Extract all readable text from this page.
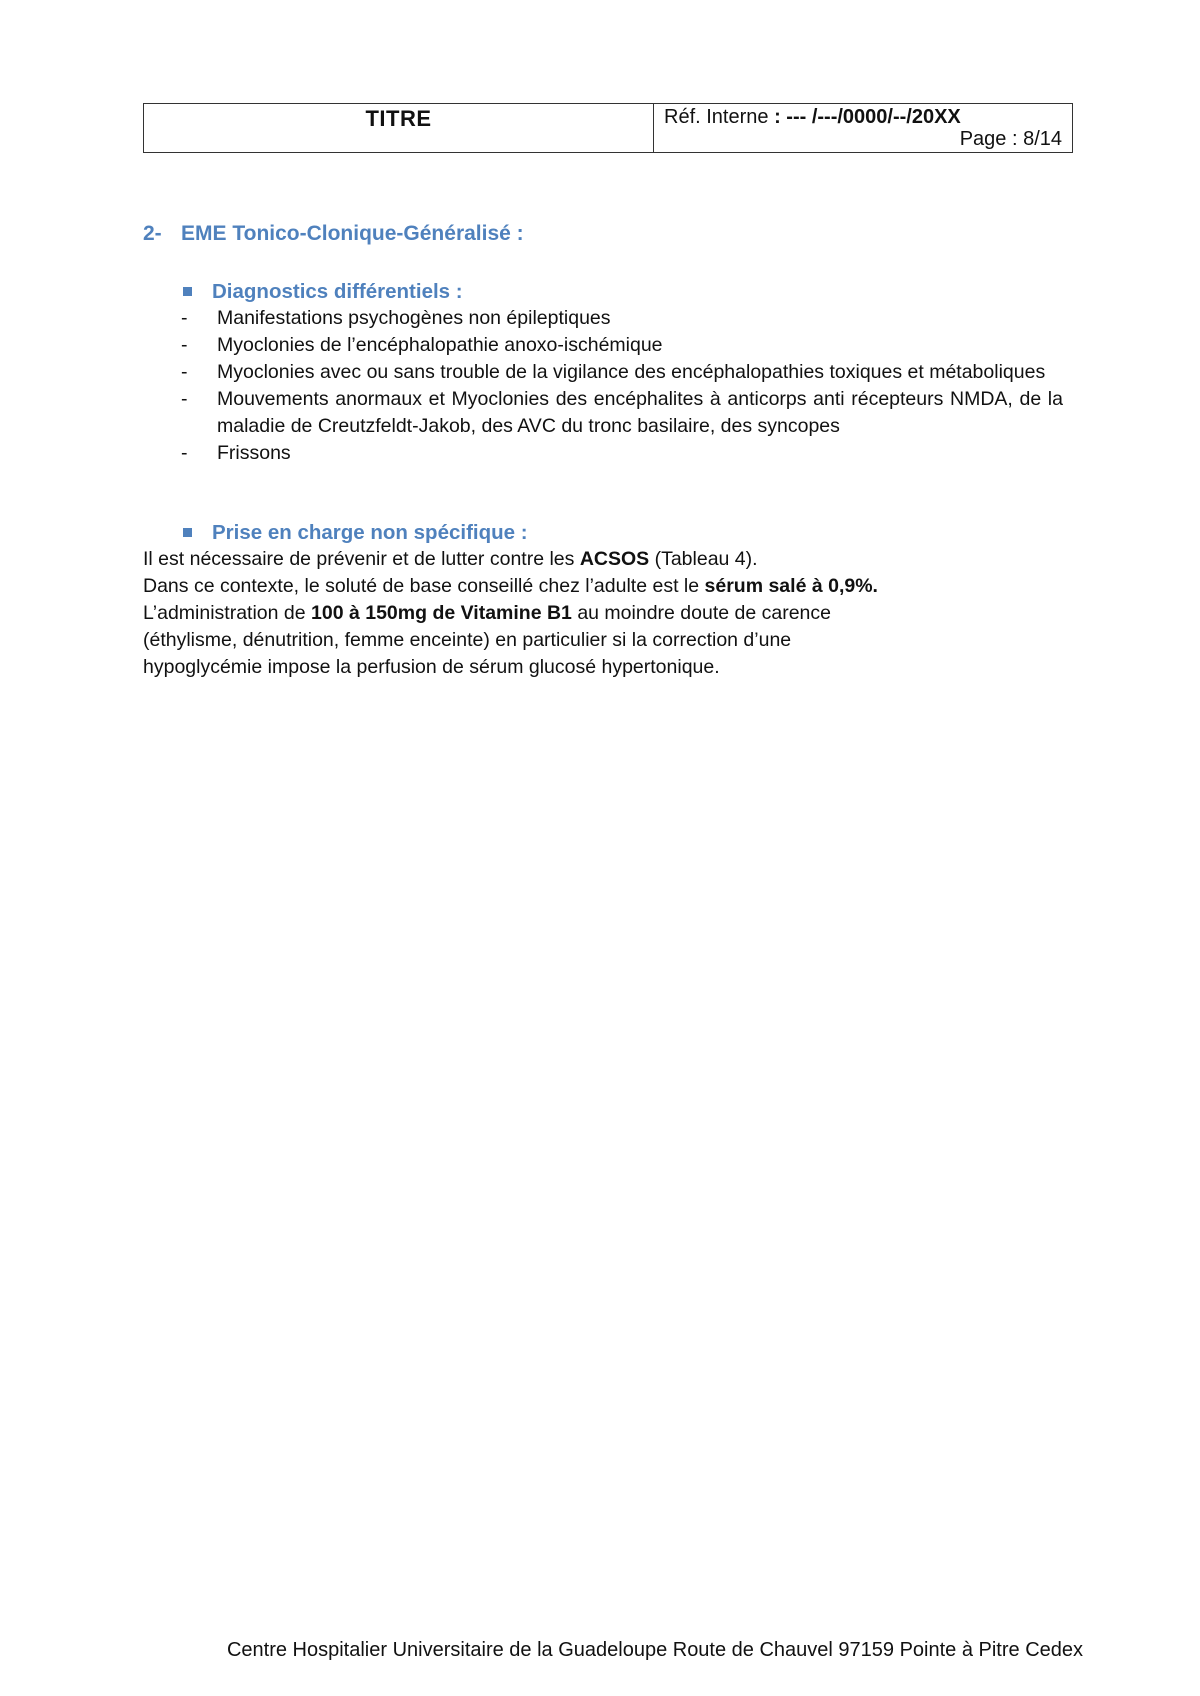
TITRE	Réf. Interne : --- /---/0000/--/20XX
Page : 8/14
2- EME Tonico-Clonique-Généralisé :
Diagnostics différentiels :
- Manifestations psychogènes non épileptiques
- Myoclonies de l’encéphalopathie anoxo-ischémique
- Myoclonies avec ou sans trouble de la vigilance des encéphalopathies toxiques et métaboliques
- Mouvements anormaux et Myoclonies des encéphalites à anticorps anti récepteurs NMDA, de la maladie de Creutzfeldt-Jakob, des AVC du tronc basilaire, des syncopes
- Frissons
Prise en charge non spécifique :

Il est nécessaire de prévenir et de lutter contre les ACSOS (Tableau 4).

Dans ce contexte, le soluté de base conseillé chez l’adulte est le sérum salé à 0,9%.

L’administration de 100 à 150mg de Vitamine B1 au moindre doute de carence (éthylisme, dénutrition, femme enceinte) en particulier si la correction d’une hypoglycémie impose la perfusion de sérum glucosé hypertonique.

Centre Hospitalier Universitaire de la Guadeloupe Route de Chauvel 97159 Pointe à Pitre Cedex
